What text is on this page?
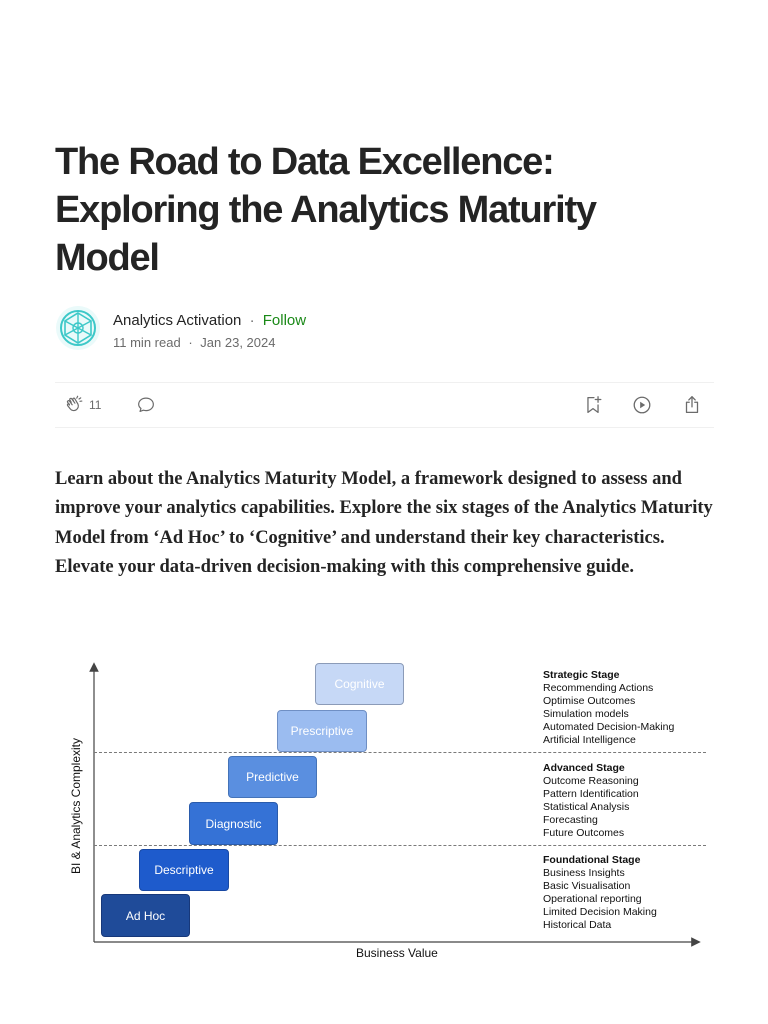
The Road to Data Excellence: Exploring the Analytics Maturity Model
Analytics Activation · Follow
11 min read · Jan 23, 2024
11

Learn about the Analytics Maturity Model, a framework designed to assess and improve your analytics capabilities. Explore the six stages of the Analytics Maturity Model from ‘Ad Hoc’ to ‘Cognitive’ and understand their key characteristics. Elevate your data-driven decision-making with this comprehensive guide.

BI & Analytics Complexity
Business Value
Ad Hoc
Descriptive
Diagnostic
Predictive
Prescriptive
Cognitive
Strategic Stage
Recommending Actions
Optimise Outcomes
Simulation models
Automated Decision-Making
Artificial Intelligence
Advanced Stage
Outcome Reasoning
Pattern Identification
Statistical Analysis
Forecasting
Future Outcomes
Foundational Stage
Business Insights
Basic Visualisation
Operational reporting
Limited Decision Making
Historical Data
